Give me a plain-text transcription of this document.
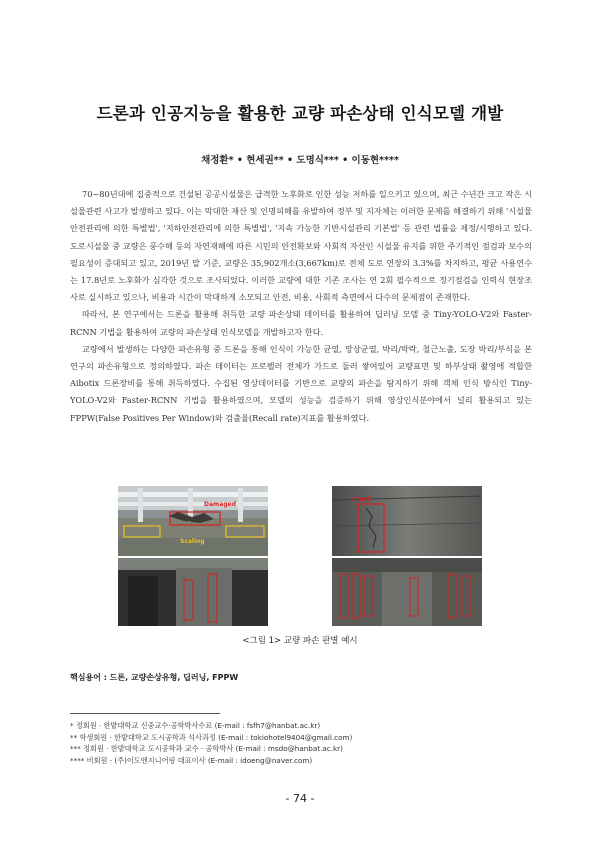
드론과 인공지능을 활용한 교량 파손상태 인식모델 개발
채정환* • 현세권** • 도명식*** • 이동현****

70~80년대에 집중적으로 건설된 공공시설물은 급격한 노후화로 인한 성능 저하를 일으키고 있으며, 최근 수년간 크고 작은 시설물관련 사고가 발생하고 있다. 이는 막대한 재산 및 인명피해를 유발하여 정부 및 지자체는 이러한 문제를 해결하기 위해 '시설물 안전관리에 의한 특별법', '지하안전관리에 의한 특별법', '지속 가능한 기반시설관리 기본법' 등 관련 법률을 제정/시행하고 있다. 도로시설물 중 교량은 풍수해 등의 자연재해에 따른 시민의 안전확보와 사회적 자산인 시설물 유지를 위한 주기적인 점검과 보수의 필요성이 증대되고 있고, 2019년 말 기준, 교량은 35,902개소(3,667km)로 전체 도로 연장의 3.3%를 차지하고, 평균 사용연수는 17.8년로 노후화가 심각한 것으로 조사되었다. 이러한 교량에 대한 기존 조사는 연 2회 필수적으로 정기점검을 인력식 현장조사로 실시하고 있으나, 비용과 시간이 막대하게 소모되고 안전, 비용, 사회적 측면에서 다수의 문제점이 존재한다.

따라서, 본 연구에서는 드론을 활용해 취득한 교량 파손상태 데이터를 활용하여 딥러닝 모델 중 Tiny-YOLO-V2와 Faster-RCNN 기법을 활용하여 교량의 파손상태 인식모델을 개발하고자 한다.

교량에서 발생하는 다양한 파손유형 중 드론을 통해 인식이 가능한 균열, 망상균열, 박리/박락, 철근노출, 도장 박리/부식을 본 연구의 파손유형으로 정의하였다. 파손 데이터는 프로펠러 전체가 가드로 둘러 쌓여있어 교량표면 및 하부상태 촬영에 적합한 Aibotix 드론장비를 통해 취득하였다. 수집된 영상데이터를 기반으로 교량의 파손을 탐지하기 위해 객체 인식 방식인 Tiny-YOLO-V2와 Faster-RCNN 기법을 활용하였으며, 모델의 성능을 검증하기 위해 영상인식분야에서 널리 활용되고 있는 FPPW(False Positives Per Window)와 검출율(Recall rate)지표를 활용하였다.

Damaged
Scaling
Crack
<그림 1> 교량 파손 판별 예시
핵심용어 : 드론, 교량손상유형, 딥러닝, FPPW
* 정회원 · 한밭대학교 신중교수·공학박사수료 (E-mail : fsfh7@hanbat.ac.kr)
** 학생회원 · 한밭대학교 도시공학과 석사과정 (E-mail : tokiohotel9404@gmail.com)
*** 정회원 · 한밭대학교 도시공학과 교수 · 공학박사 (E-mail : msdo@hanbat.ac.kr)
**** 비회원 · (주)이도엔지니어링 대표이사 (E-mail : idoeng@naver.com)
- 74 -
